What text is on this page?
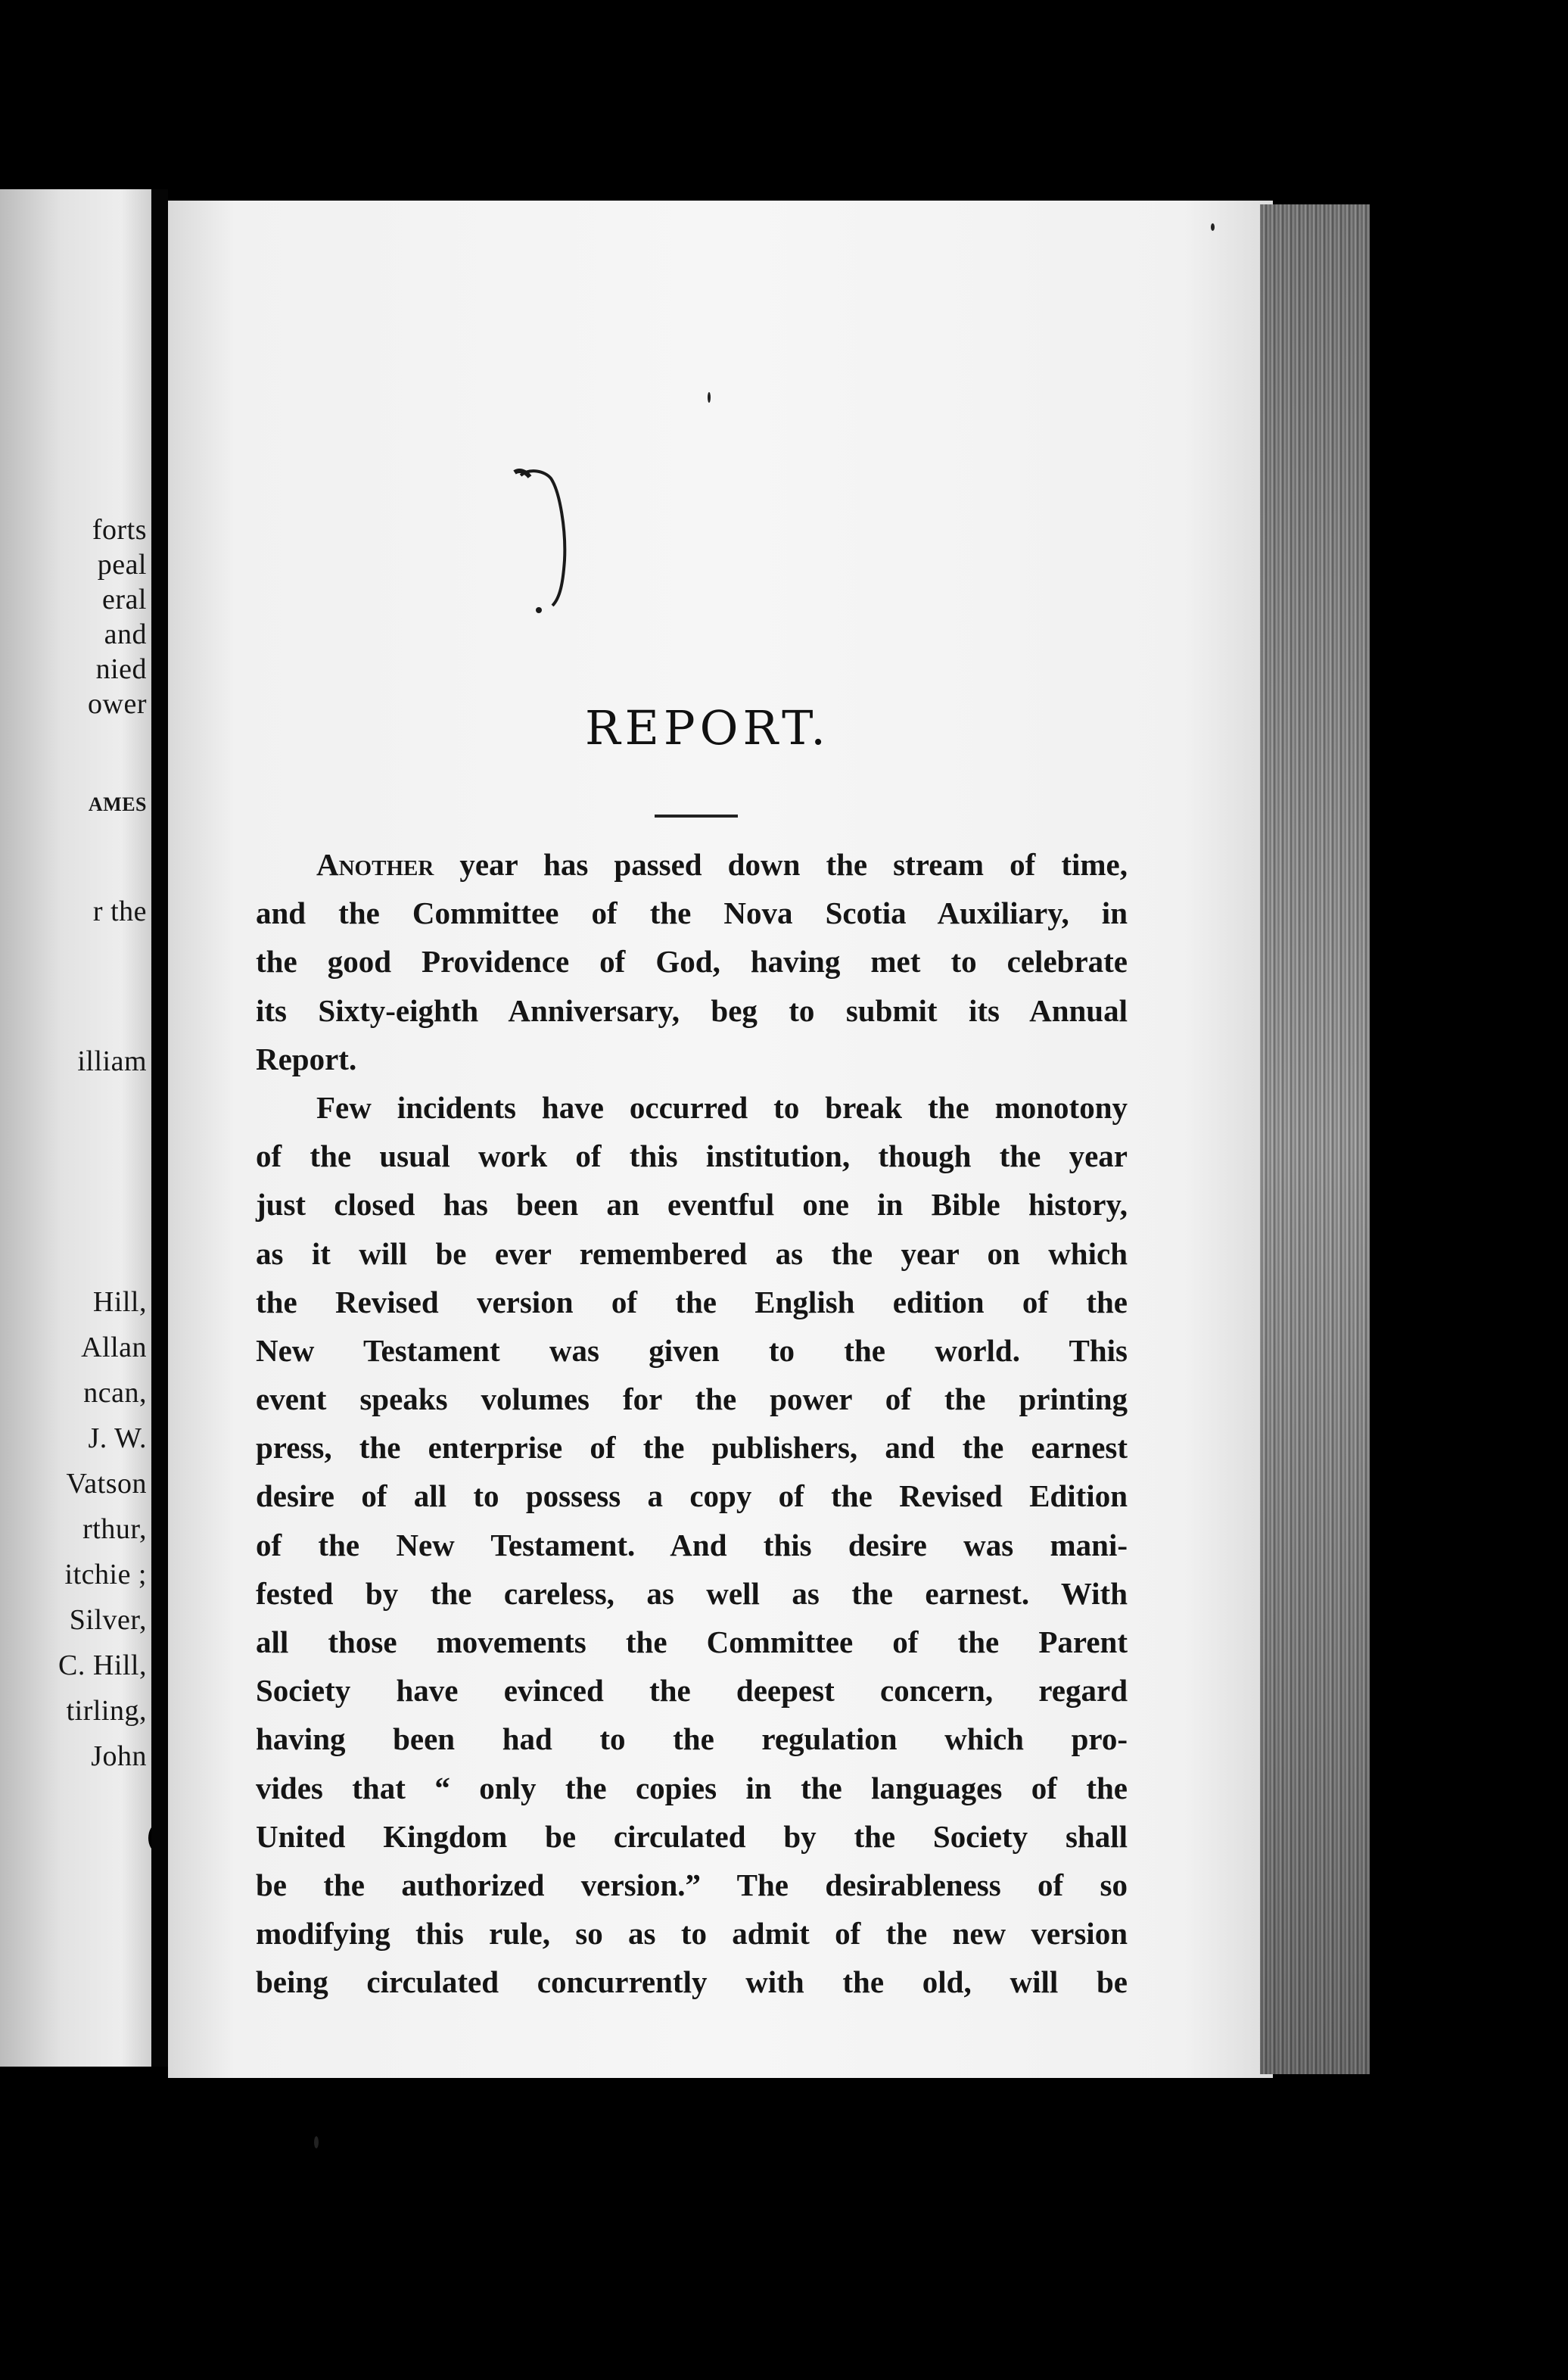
forts
peal
eral
and
nied
ower
AMES
r the
illiam
Hill,
Allan
ncan,
J. W.
Vatson
rthur,
itchie ;
Silver,
C. Hill,
tirling,
John
REPORT.
Another year has passed down the stream of time,
and the Committee of the Nova Scotia Auxiliary, in
the good Providence of God, having met to celebrate
its Sixty-eighth Anniversary, beg to submit its Annual
Report.
Few incidents have occurred to break the monotony
of the usual work of this institution, though the year
just closed has been an eventful one in Bible history,
as it will be ever remembered as the year on which
the Revised version of the English edition of the
New Testament was given to the world. This
event speaks volumes for the power of the printing
press, the enterprise of the publishers, and the earnest
desire of all to possess a copy of the Revised Edition
of the New Testament. And this desire was mani-
fested by the careless, as well as the earnest. With
all those movements the Committee of the Parent
Society have evinced the deepest concern, regard
having been had to the regulation which pro-
vides that “ only the copies in the languages of the
United Kingdom be circulated by the Society shall
be the authorized version.” The desirableness of so
modifying this rule, so as to admit of the new version
being circulated concurrently with the old, will be
